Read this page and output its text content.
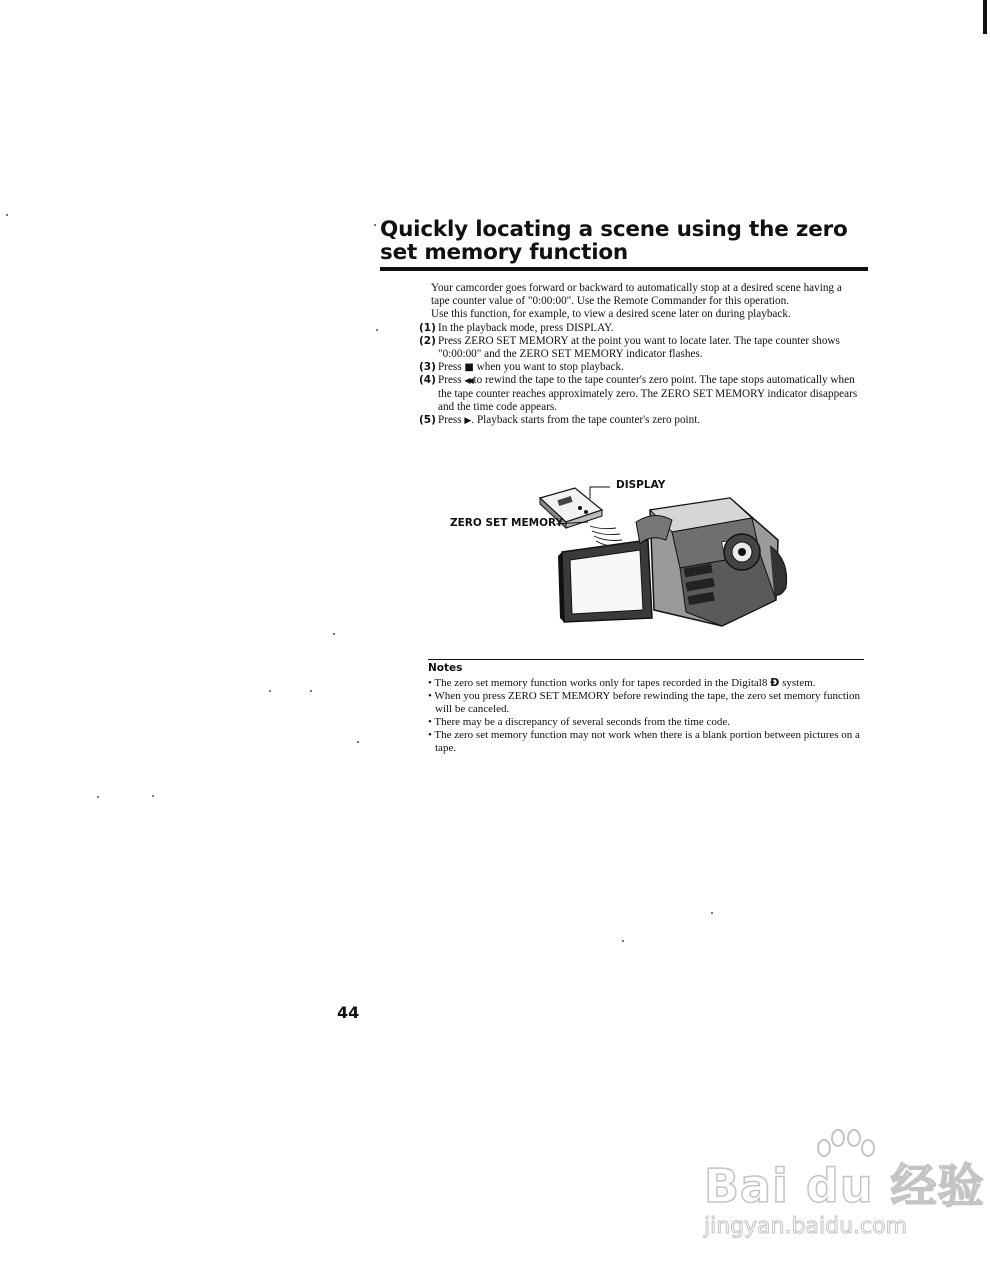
Quickly locating a scene using the zero
set memory function

Your camcorder goes forward or backward to automatically stop at a desired scene having a tape counter value of "0:00:00". Use the Remote Commander for this operation.

Use this function, for example, to view a desired scene later on during playback.

(1) In the playback mode, press DISPLAY.
(2) Press ZERO SET MEMORY at the point you want to locate later. The tape counter shows "0:00:00" and the ZERO SET MEMORY indicator flashes.
(3) Press ■ when you want to stop playback.
(4) Press ◀◀ to rewind the tape to the tape counter's zero point. The tape stops automatically when the tape counter reaches approximately zero. The ZERO SET MEMORY indicator disappears and the time code appears.
(5) Press ▶. Playback starts from the tape counter's zero point.
DISPLAY
ZERO SET MEMORY
Notes
• The zero set memory function works only for tapes recorded in the Digital8 Ð system.
• When you press ZERO SET MEMORY before rewinding the tape, the zero set memory function will be canceled.
• There may be a discrepancy of several seconds from the time code.
• The zero set memory function may not work when there is a blank portion between pictures on a tape.
44
Bai du 经验
jingyan.baidu.com
